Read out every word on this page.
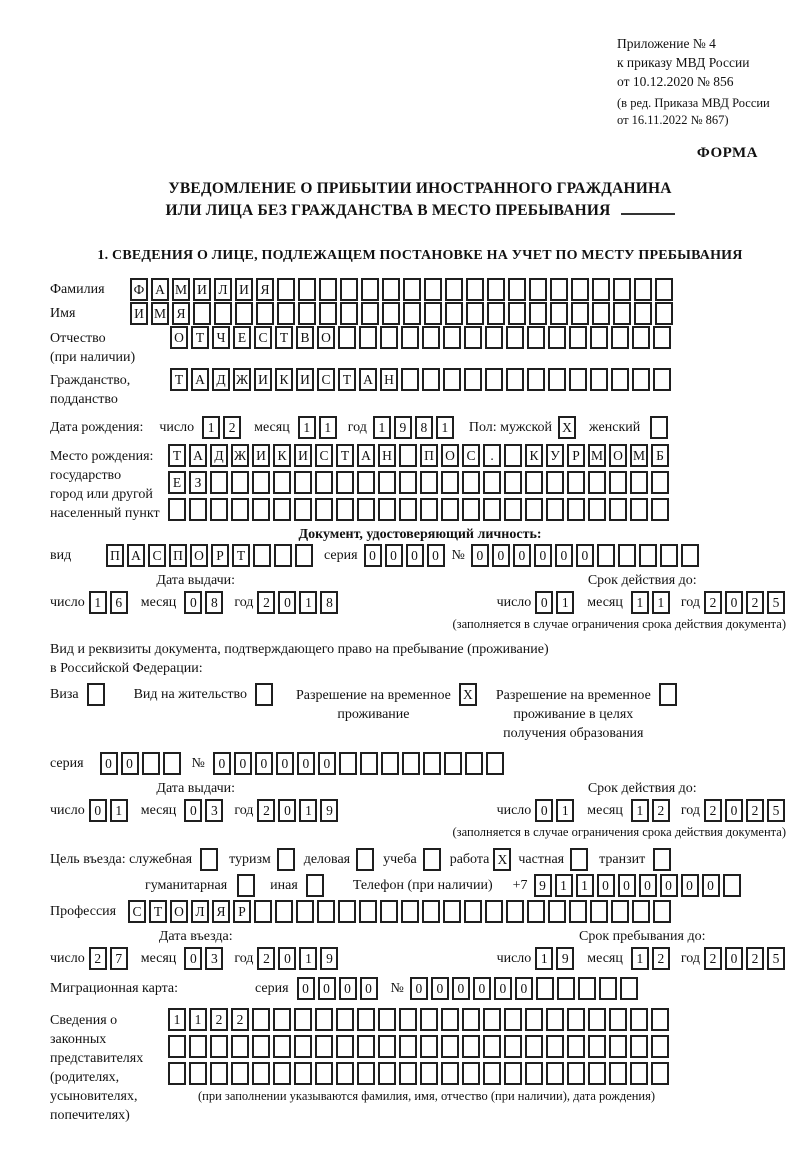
Приложение № 4
к приказу МВД России
от 10.12.2020 № 856
(в ред. Приказа МВД России
от 16.11.2022 № 867)
ФОРМА
УВЕДОМЛЕНИЕ О ПРИБЫТИИ ИНОСТРАННОГО ГРАЖДАНИНА
ИЛИ ЛИЦА БЕЗ ГРАЖДАНСТВА В МЕСТО ПРЕБЫВАНИЯ
1. СВЕДЕНИЯ О ЛИЦЕ, ПОДЛЕЖАЩЕМ ПОСТАНОВКЕ НА УЧЕТ ПО МЕСТУ ПРЕБЫВАНИЯ
Фамилия	Ф А М И Л И Я
Имя	И М Я
Отчество
(при наличии)
О Т Ч Е С Т В О
Гражданство,
подданство
Т А Д Ж И К И С Т А Н
Дата рождения: число	1	2	месяц	1	1	год 1	9	8	1	Пол: мужской X женский
Место рождения:
государство
город или другой
населенный пункт
Т А Д Ж И К И С Т А Н	П О С	.	К У Р М О М Б
Е З
Документ, удостоверяющий личность:
вид	П А С П О Р Т	серия 0	0	0	0 № 0	0	0	0	0	0
Дата выдачи:
число 1	6	месяц	0	8	год 2	0	1	8
Срок действия до:
число 0	1	месяц	1	1	год 2	0	2	5
(заполняется в случае ограничения срока действия документа)
Вид и реквизиты документа, подтверждающего право на пребывание (проживание)
в Российской Федерации:
Виза	Вид на жительство	Разрешение на временное
проживание
X Разрешение на временное
проживание в целях
получения образования
серия	0	0	№	0	0	0	0	0	0
Дата выдачи:
число 0	1	месяц	0	3	год 2	0	1	9
Срок действия до:
число 0	1	месяц	1	2	год 2	0	2	5
(заполняется в случае ограничения срока действия документа)
Цель въезда: служебная	туризм деловая учеба работа X частная	транзит
гуманитарная	иная	Телефон (при наличии) +7 9	1	1	0	0	0	0	0	0
Профессия	С Т О Л Я Р
Дата въезда:
число 2	7	месяц	0	3	год 2	0	1	9
Срок пребывания до:
число 1	9	месяц	1	2	год 2	0	2	5
Миграционная карта:	серия	0	0	0	0	№ 0	0	0	0	0	0
Сведения о
законных
представителях
(родителях,
усыновителях,
попечителях)
1	1	2	2
(при заполнении указываются фамилия, имя, отчество (при наличии), дата рождения)
